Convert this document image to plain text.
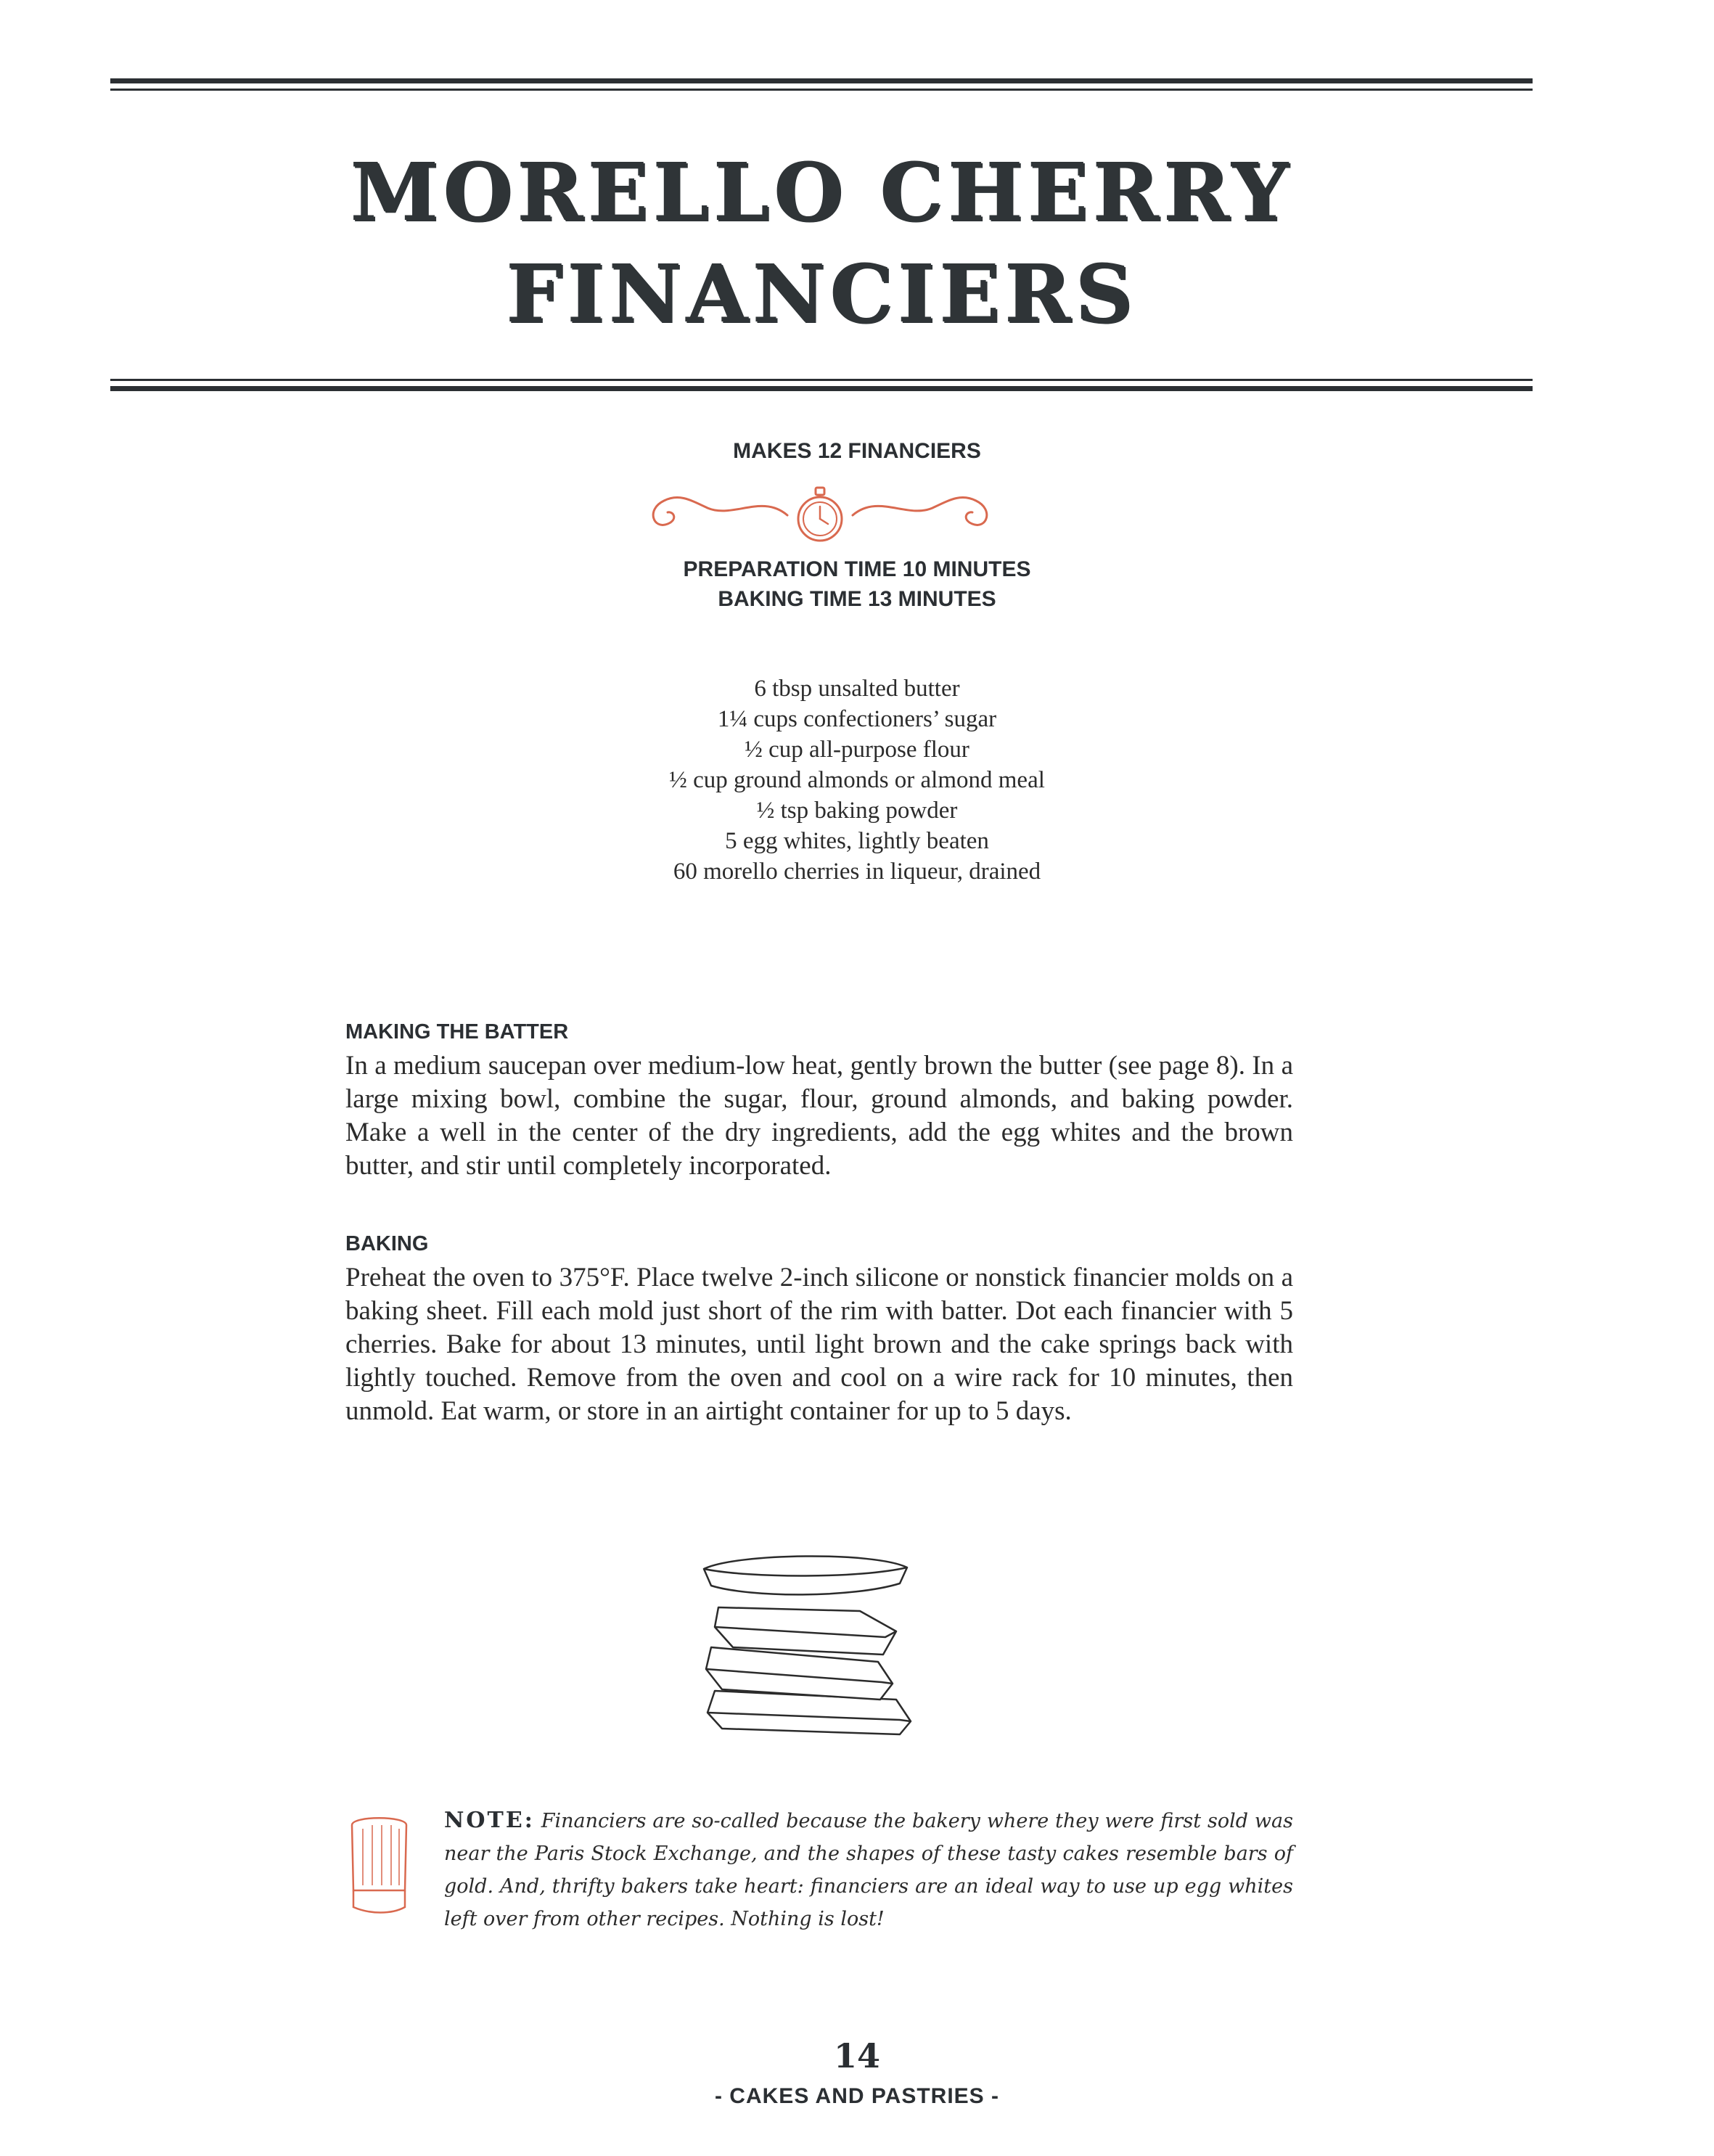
MORELLO CHERRY
FINANCIERS
MAKES 12 FINANCIERS
PREPARATION TIME 10 MINUTES
BAKING TIME 13 MINUTES
6 tbsp unsalted butter
1¼ cups confectioners’ sugar
½ cup all-purpose flour
½ cup ground almonds or almond meal
½ tsp baking powder
5 egg whites, lightly beaten
60 morello cherries in liqueur, drained
MAKING THE BATTER
In a medium saucepan over medium-low heat, gently brown the butter (see page 8). In a large mixing bowl, combine the sugar, flour, ground almonds, and baking powder. Make a well in the center of the dry ingredients, add the egg whites and the brown butter, and stir until completely incorporated.
BAKING
Preheat the oven to 375°F. Place twelve 2-inch silicone or nonstick financier molds on a baking sheet. Fill each mold just short of the rim with batter. Dot each financier with 5 cherries. Bake for about 13 minutes, until light brown and the cake springs back with lightly touched. Remove from the oven and cool on a wire rack for 10 minutes, then unmold. Eat warm, or store in an airtight container for up to 5 days.
NOTE: Financiers are so-called because the bakery where they were first sold was near the Paris Stock Exchange, and the shapes of these tasty cakes resemble bars of gold. And, thrifty bakers take heart: financiers are an ideal way to use up egg whites left over from other recipes. Nothing is lost!
14
- CAKES AND PASTRIES -
